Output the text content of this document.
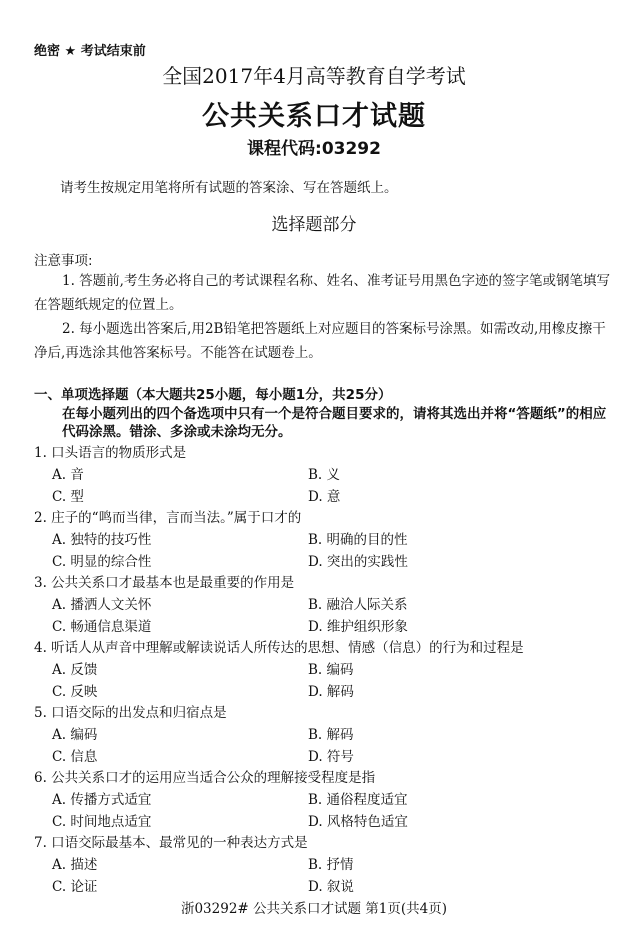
绝密 ★ 考试结束前
全国2017年4月高等教育自学考试
公共关系口才试题
课程代码:03292
请考生按规定用笔将所有试题的答案涂、写在答题纸上。
选择题部分
注意事项:
1. 答题前,考生务必将自己的考试课程名称、姓名、准考证号用黑色字迹的签字笔或钢笔填写在答题纸规定的位置上。
2. 每小题选出答案后,用2B铅笔把答题纸上对应题目的答案标号涂黑。如需改动,用橡皮擦干净后,再选涂其他答案标号。不能答在试题卷上。
一、单项选择题（本大题共25小题，每小题1分，共25分）
在每小题列出的四个备选项中只有一个是符合题目要求的，请将其选出并将“答题纸”的相应代码涂黑。错涂、多涂或未涂均无分。
1. 口头语言的物质形式是
A. 音	B. 义
C. 型	D. 意
2. 庄子的“鸣而当律，言而当法。”属于口才的
A. 独特的技巧性	B. 明确的目的性
C. 明显的综合性	D. 突出的实践性
3. 公共关系口才最基本也是最重要的作用是
A. 播洒人文关怀	B. 融洽人际关系
C. 畅通信息渠道	D. 维护组织形象
4. 听话人从声音中理解或解读说话人所传达的思想、情感（信息）的行为和过程是
A. 反馈	B. 编码
C. 反映	D. 解码
5. 口语交际的出发点和归宿点是
A. 编码	B. 解码
C. 信息	D. 符号
6. 公共关系口才的运用应当适合公众的理解接受程度是指
A. 传播方式适宜	B. 通俗程度适宜
C. 时间地点适宜	D. 风格特色适宜
7. 口语交际最基本、最常见的一种表达方式是
A. 描述	B. 抒情
C. 论证	D. 叙说
浙03292# 公共关系口才试题 第1页(共4页)
